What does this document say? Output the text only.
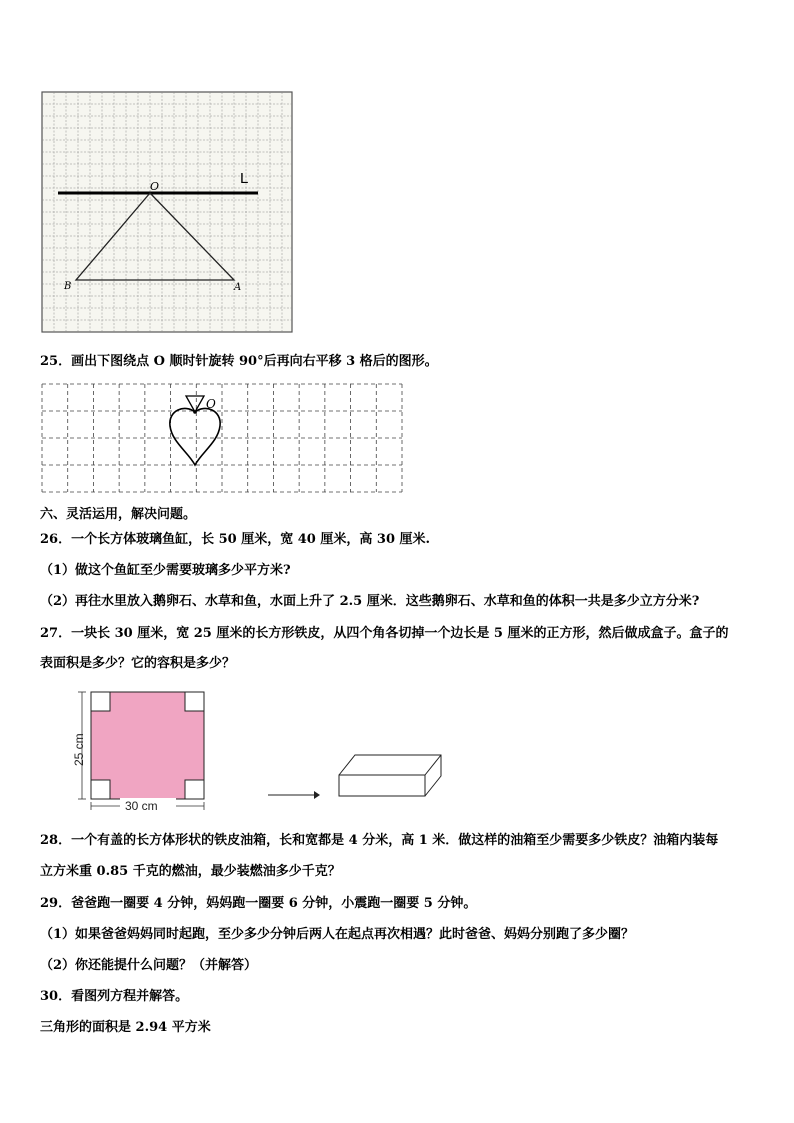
O	L
B	A
25．画出下图绕点 O 顺时针旋转 90°后再向右平移 3 格后的图形。
O
六、灵活运用，解决问题。
26．一个长方体玻璃鱼缸，长 50 厘米，宽 40 厘米，高 30 厘米.
（1）做这个鱼缸至少需要玻璃多少平方米?
（2）再往水里放入鹅卵石、水草和鱼，水面上升了 2.5 厘米．这些鹅卵石、水草和鱼的体积一共是多少立方分米?
27．一块长 30 厘米，宽 25 厘米的长方形铁皮，从四个角各切掉一个边长是 5 厘米的正方形，然后做成盒子。盒子的
表面积是多少？它的容积是多少？
25 cm
30 cm
28．一个有盖的长方体形状的铁皮油箱，长和宽都是 4 分米，高 1 米．做这样的油箱至少需要多少铁皮？油箱内装每
立方米重 0.85 千克的燃油，最少装燃油多少千克？
29．爸爸跑一圈要 4 分钟，妈妈跑一圈要 6 分钟，小震跑一圈要 5 分钟。
（1）如果爸爸妈妈同时起跑，至少多少分钟后两人在起点再次相遇？此时爸爸、妈妈分别跑了多少圈？
（2）你还能提什么问题？（并解答）
30．看图列方程并解答。
三角形的面积是 2.94 平方米
